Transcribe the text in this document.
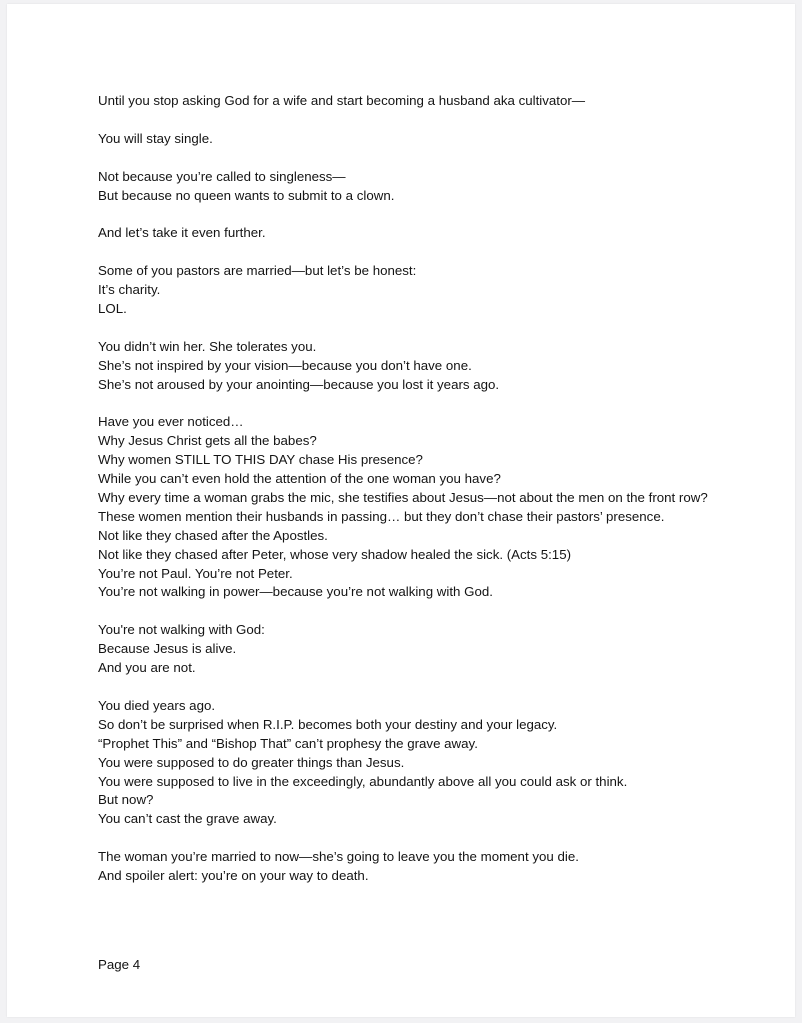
Until you stop asking God for a wife and start becoming a husband aka cultivator—
You will stay single.
Not because you’re called to singleness—
But because no queen wants to submit to a clown.
And let’s take it even further.
Some of you pastors are married—but let’s be honest:
It’s charity.
LOL.
You didn’t win her. She tolerates you.
She’s not inspired by your vision—because you don’t have one.
She’s not aroused by your anointing—because you lost it years ago.
Have you ever noticed…
Why Jesus Christ gets all the babes?
Why women STILL TO THIS DAY chase His presence?
While you can’t even hold the attention of the one woman you have?
Why every time a woman grabs the mic, she testifies about Jesus—not about the men on the front row?
These women mention their husbands in passing… but they don’t chase their pastors’ presence.
Not like they chased after the Apostles.
Not like they chased after Peter, whose very shadow healed the sick. (Acts 5:15)
You’re not Paul. You’re not Peter.
You’re not walking in power—because you’re not walking with God.
You're not walking with God:
Because Jesus is alive.
And you are not.
You died years ago.
So don’t be surprised when R.I.P. becomes both your destiny and your legacy.
“Prophet This” and “Bishop That” can’t prophesy the grave away.
You were supposed to do greater things than Jesus.
You were supposed to live in the exceedingly, abundantly above all you could ask or think.
But now?
You can’t cast the grave away.
The woman you’re married to now—she’s going to leave you the moment you die.
And spoiler alert: you’re on your way to death.
Page 4
